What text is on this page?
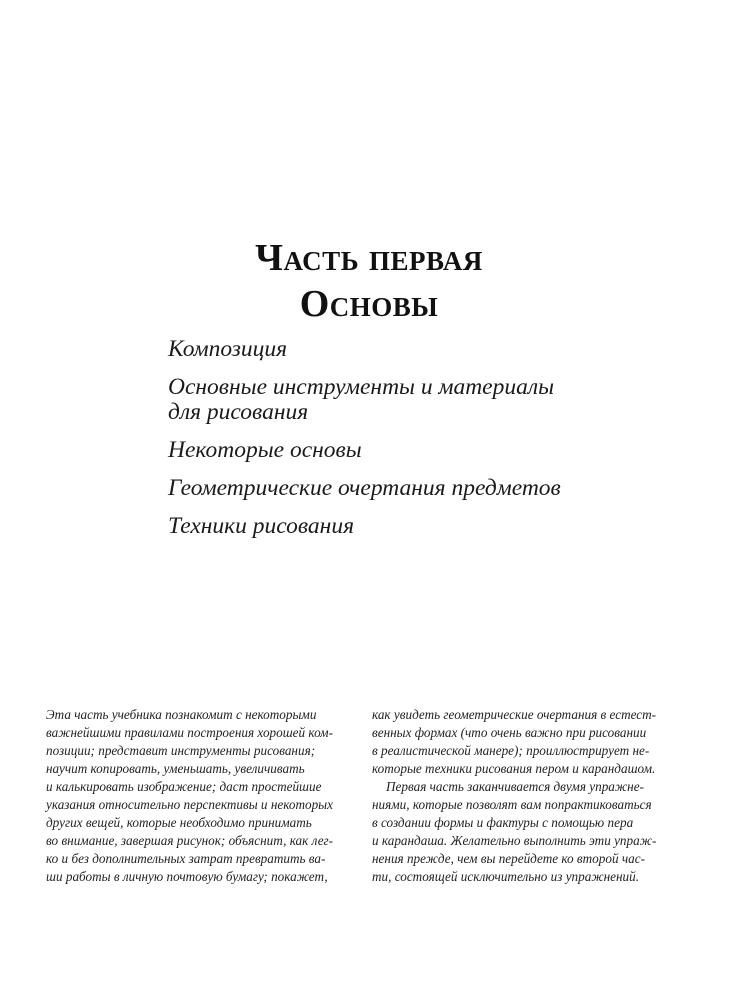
Часть первая
Основы
Композиция
Основные инструменты и материалы
для рисования
Некоторые основы
Геометрические очертания предметов
Техники рисования
Эта часть учебника познакомит с некоторыми
важнейшими правилами построения хорошей ком-
позиции; представит инструменты рисования;
научит копировать, уменьшать, увеличивать
и калькировать изображение; даст простейшие
указания относительно перспективы и некоторых
других вещей, которые необходимо принимать
во внимание, завершая рисунок; объяснит, как лег-
ко и без дополнительных затрат превратить ва-
ши работы в личную почтовую бумагу; покажет,
как увидеть геометрические очертания в естест-
венных формах (что очень важно при рисовании
в реалистической манере); проиллюстрирует не-
которые техники рисования пером и карандашом.
Первая часть заканчивается двумя упражне-
ниями, которые позволят вам попрактиковаться
в создании формы и фактуры с помощью пера
и карандаша. Желательно выполнить эти упраж-
нения прежде, чем вы перейдете ко второй час-
ти, состоящей исключительно из упражнений.
